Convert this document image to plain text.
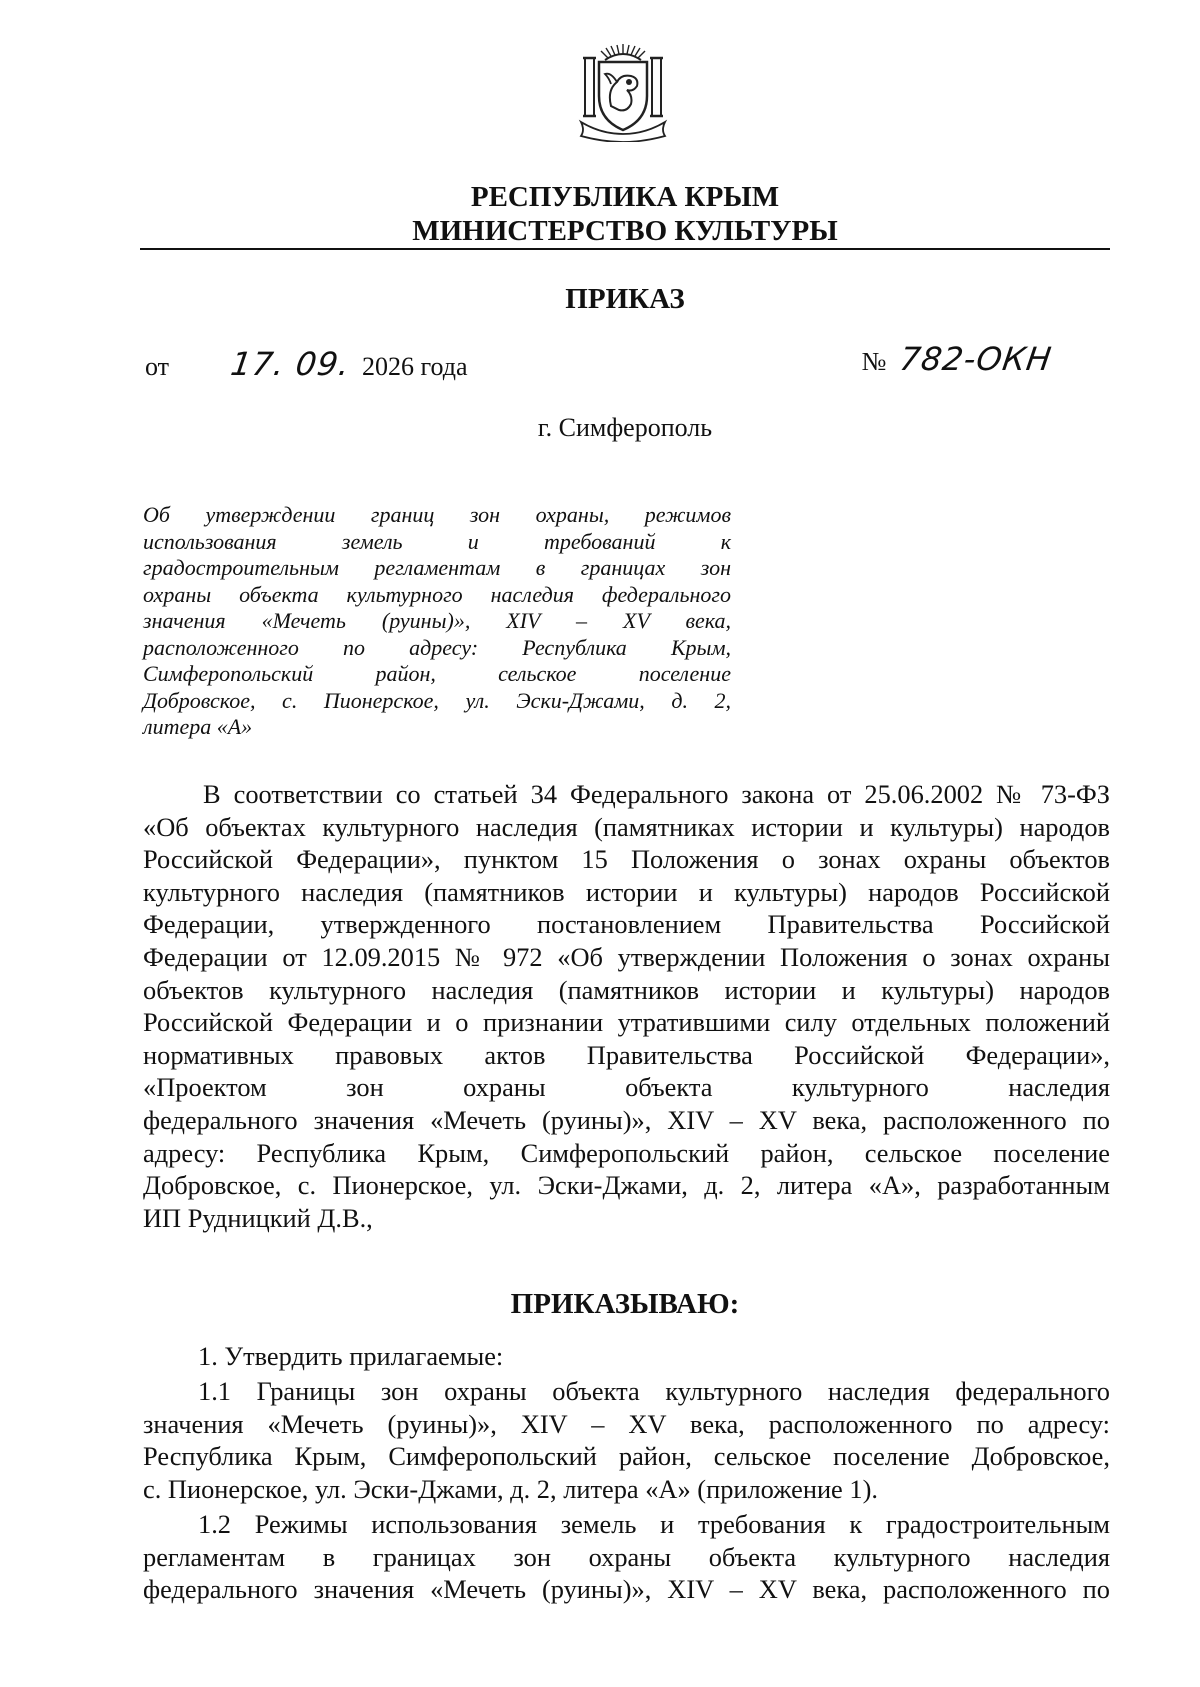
РЕСПУБЛИКА КРЫМ
МИНИСТЕРСТВО КУЛЬТУРЫ
ПРИКАЗ
от 17. 09. 2026 года	№ 782-ОКН
г. Симферополь
Об утверждении границ зон охраны, режимов
использования земель и требований к
градостроительным регламентам в границах зон
охраны объекта культурного наследия федерального
значения «Мечеть (руины)», XIV – XV века,
расположенного по адресу: Республика Крым,
Симферопольский район, сельское поселение
Добровское, с. Пионерское, ул. Эски-Джами, д. 2,
литера «А»
В соответствии со статьей 34 Федерального закона от 25.06.2002 № 73-ФЗ
«Об объектах культурного наследия (памятниках истории и культуры) народов
Российской Федерации», пунктом 15 Положения о зонах охраны объектов
культурного наследия (памятников истории и культуры) народов Российской
Федерации, утвержденного постановлением Правительства Российской
Федерации от 12.09.2015 № 972 «Об утверждении Положения о зонах охраны
объектов культурного наследия (памятников истории и культуры) народов
Российской Федерации и о признании утратившими силу отдельных положений
нормативных правовых актов Правительства Российской Федерации»,
«Проектом зон охраны объекта культурного наследия
федерального значения «Мечеть (руины)», XIV – XV века, расположенного по
адресу: Республика Крым, Симферопольский район, сельское поселение
Добровское, с. Пионерское, ул. Эски-Джами, д. 2, литера «А», разработанным
ИП Рудницкий Д.В.,
ПРИКАЗЫВАЮ:
1. Утвердить прилагаемые:
1.1 Границы зон охраны объекта культурного наследия федерального
значения «Мечеть (руины)», XIV – XV века, расположенного по адресу:
Республика Крым, Симферопольский район, сельское поселение Добровское,
с. Пионерское, ул. Эски-Джами, д. 2, литера «А» (приложение 1).
1.2 Режимы использования земель и требования к градостроительным
регламентам в границах зон охраны объекта культурного наследия
федерального значения «Мечеть (руины)», XIV – XV века, расположенного по
